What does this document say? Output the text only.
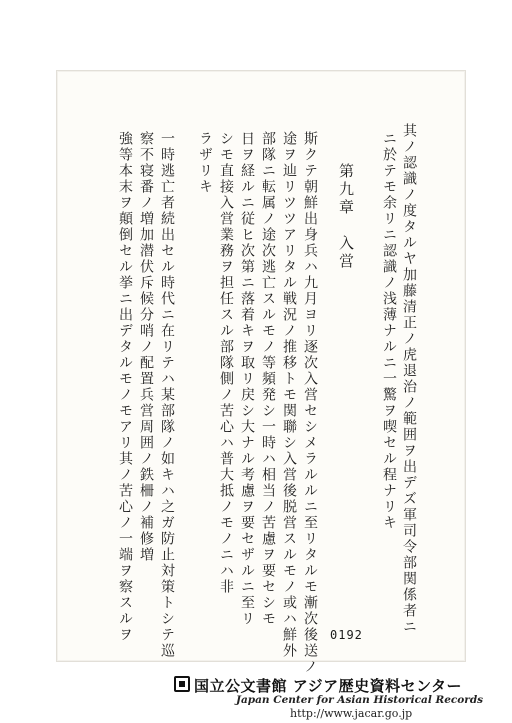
其ノ認識ノ度タルヤ加藤清正ノ虎退治ノ範囲ヲ出デズ軍司令部関係者ニ
ニ於テモ余リニ認識ノ浅薄ナルニ一驚ヲ喫セル程ナリキ
第九章　入営
斯クテ朝鮮出身兵ハ九月ヨリ逐次入営セシメラルルニ至リタルモ漸次後送ノ
途ヲ辿リツツアリタル戦況ノ推移トモ関聯シ入営後脱営スルモノ或ハ鮮外
部隊ニ転属ノ途次逃亡スルモノ等頻発シ一時ハ相当ノ苦慮ヲ要セシモ
日ヲ経ルニ従ヒ次第ニ落着キヲ取リ戻シ大ナル考慮ヲ要セザルニ至リ
シモ直接入営業務ヲ担任スル部隊側ノ苦心ハ普大抵ノモノニハ非
ラザリキ
一時逃亡者続出セル時代ニ在リテハ某部隊ノ如キハ之ガ防止対策トシテ巡
察不寝番ノ増加潜伏斥候分哨ノ配置兵営周囲ノ鉄柵ノ補修増
強等本末ヲ顛倒セル挙ニ出デタルモノモアリ其ノ苦心ノ一端ヲ察スルヲ	0192
国立公文書館 アジア歴史資料センター
Japan Center for Asian Historical Records
http://www.jacar.go.jp
